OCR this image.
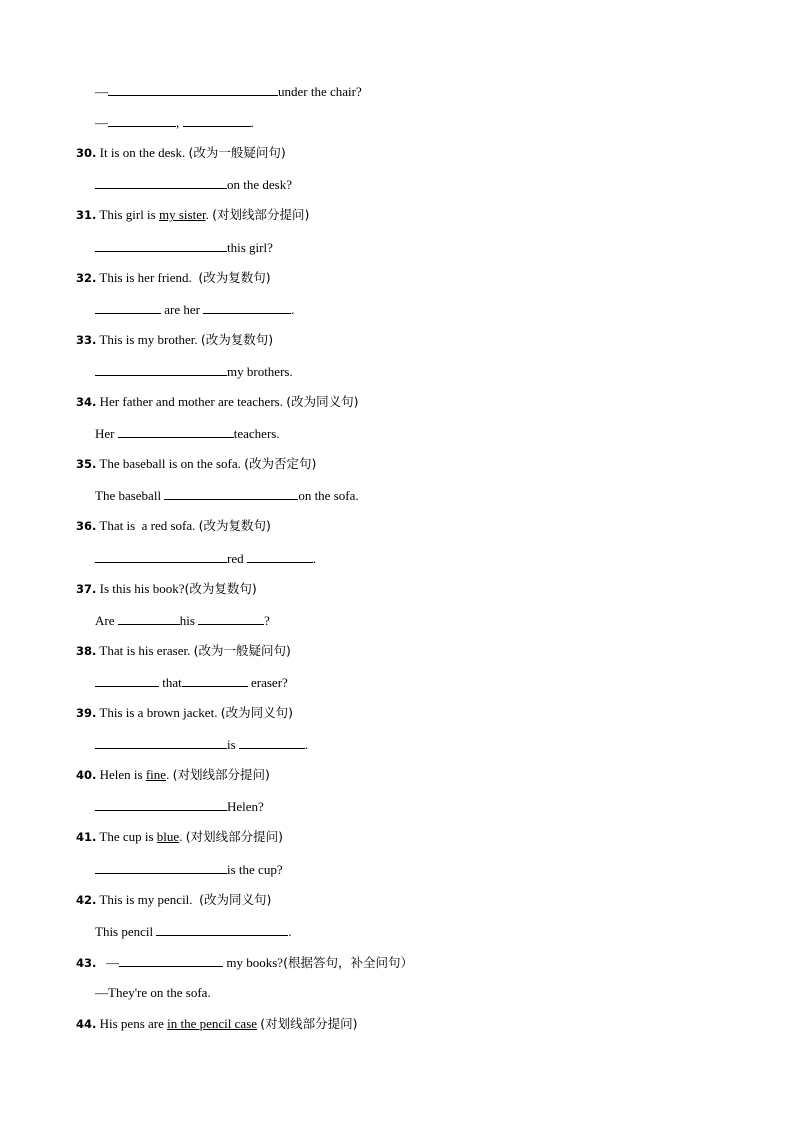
—	under the chair?
—	,	.
30. It is on the desk. (改为一般疑问句)
on the desk?
31. This girl is my sister. (对划线部分提问)
this girl?
32. This is her friend.  (改为复数句)
are her	.
33. This is my brother. (改为复数句)
my brothers.
34. Her father and mother are teachers. (改为同义句)
Her	teachers.
35. The baseball is on the sofa. (改为否定句)
The baseball	on the sofa.
36. That is  a red sofa. (改为复数句)
red	.
37. Is this his book?(改为复数句)
Are	his	?
38. That is his eraser. (改为一般疑问句)
that	eraser?
39. This is a brown jacket. (改为同义句)
is	.
40. Helen is fine. (对划线部分提问)
Helen?
41. The cup is blue. (对划线部分提问)
is the cup?
42. This is my pencil.  (改为同义句)
This pencil	.
43.   —	my books?(根据答句，补全问句）
—They're on the sofa.
44. His pens are in the pencil case (对划线部分提问)
